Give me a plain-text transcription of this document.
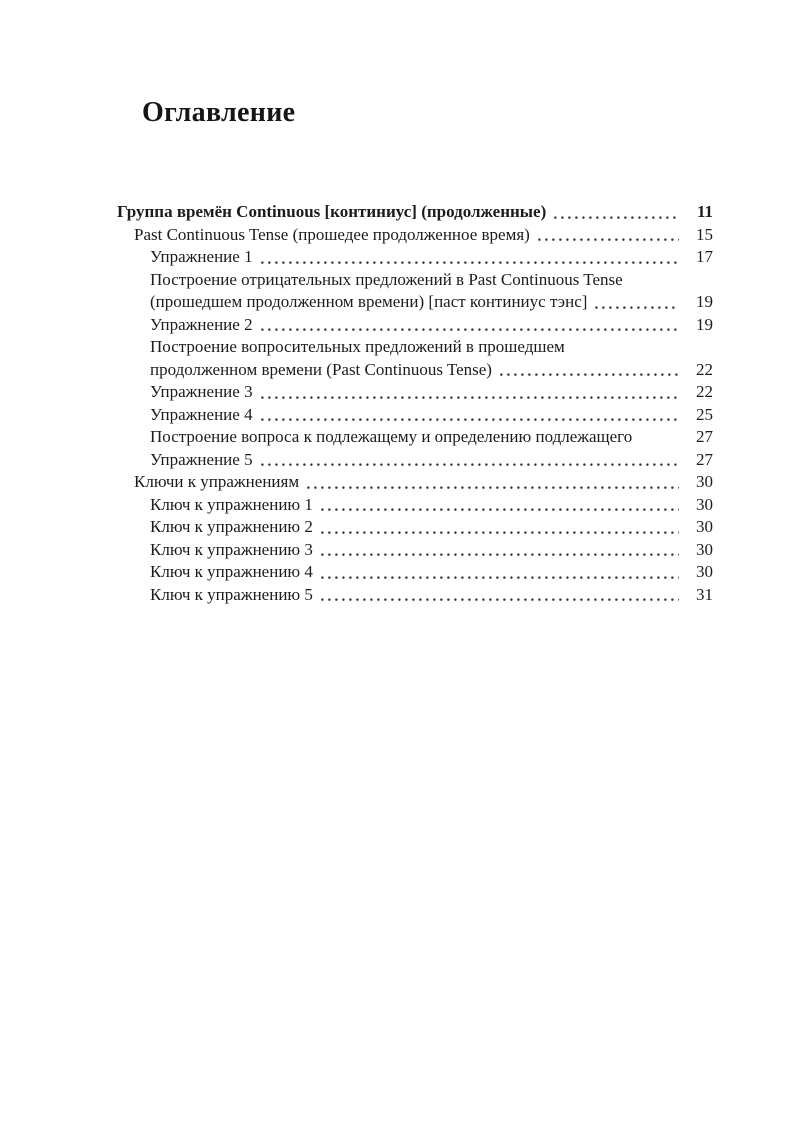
Оглавление
Группа времён Continuous [континиус] (продолженные)	11
Past Continuous Tense (прошедее продолженное время)	15
Упражнение 1	17
Построение отрицательных предложений в Past Continuous Tense
(прошедшем продолженном времени) [паст континиус тэнс]	19
Упражнение 2	19
Построение вопросительных предложений в прошедшем
продолженном времени (Past Continuous Tense)	22
Упражнение 3	22
Упражнение 4	25
Построение вопроса к подлежащему и определению подлежащего	27
Упражнение 5	27
Ключи к упражнениям	30
Ключ к упражнению 1	30
Ключ к упражнению 2	30
Ключ к упражнению 3	30
Ключ к упражнению 4	30
Ключ к упражнению 5	31
